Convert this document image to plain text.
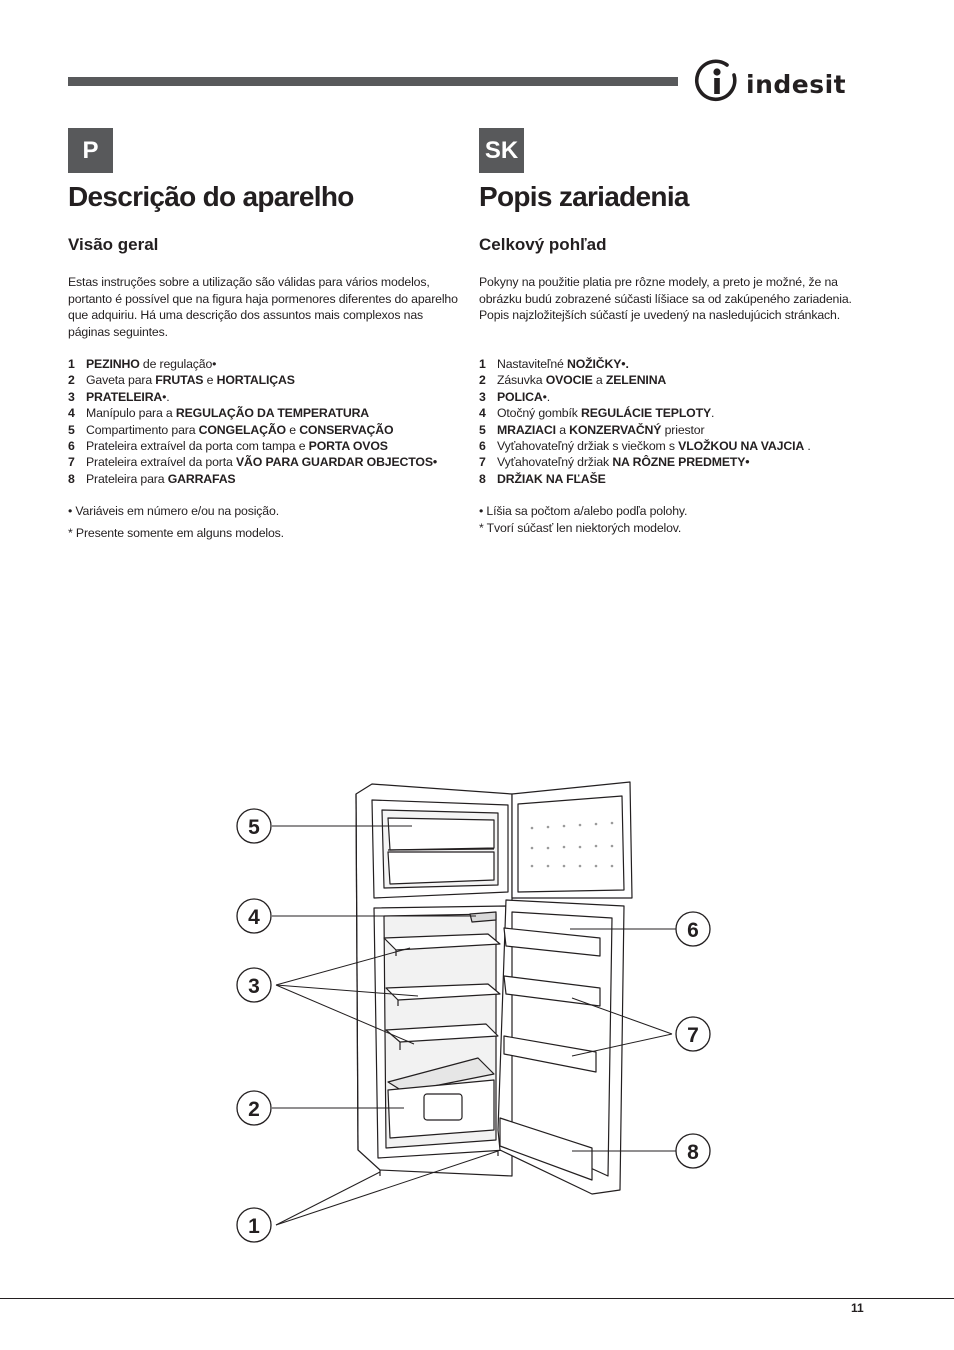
indesit
P
Descrição do aparelho
Visão geral
Estas instruções sobre a utilização são válidas para vários modelos, portanto é possível que na figura haja pormenores diferentes do aparelho que adquiriu. Há uma descrição dos assuntos mais complexos nas páginas seguintes.
1 PEZINHO de regulação•
2 Gaveta para FRUTAS e HORTALIÇAS
3 PRATELEIRA•.
4 Manípulo para a REGULAÇÃO DA TEMPERATURA
5 Compartimento para CONGELAÇÃO e CONSERVAÇÃO
6 Prateleira extraível da porta com tampa e PORTA OVOS
7 Prateleira extraível da porta VÃO PARA GUARDAR OBJECTOS•
8 Prateleira para GARRAFAS
• Variáveis em número e/ou na posição.
* Presente somente em alguns modelos.
SK
Popis zariadenia
Celkový pohľad
Pokyny na použitie platia pre rôzne modely, a preto je možné, že na obrázku budú zobrazené súčasti líšiace sa od zakúpeného zariadenia. Popis najzložitejších súčastí je uvedený na nasledujúcich stránkach.
1 Nastaviteľné NOŽIČKY•.
2 Zásuvka OVOCIE a ZELENINA
3 POLICA•.
4 Otočný gombík REGULÁCIE TEPLOTY.
5 MRAZIACI a KONZERVAČNÝ priestor
6 Vyťahovateľný držiak s viečkom s VLOŽKOU NA VAJCIA .
7 Vyťahovateľný držiak NA RÔZNE PREDMETY•
8 DRŽIAK NA FĽAŠE
• Líšia sa počtom a/alebo podľa polohy.
* Tvorí súčasť len niektorých modelov.
5
4
3
2
1
6
7
8
11
